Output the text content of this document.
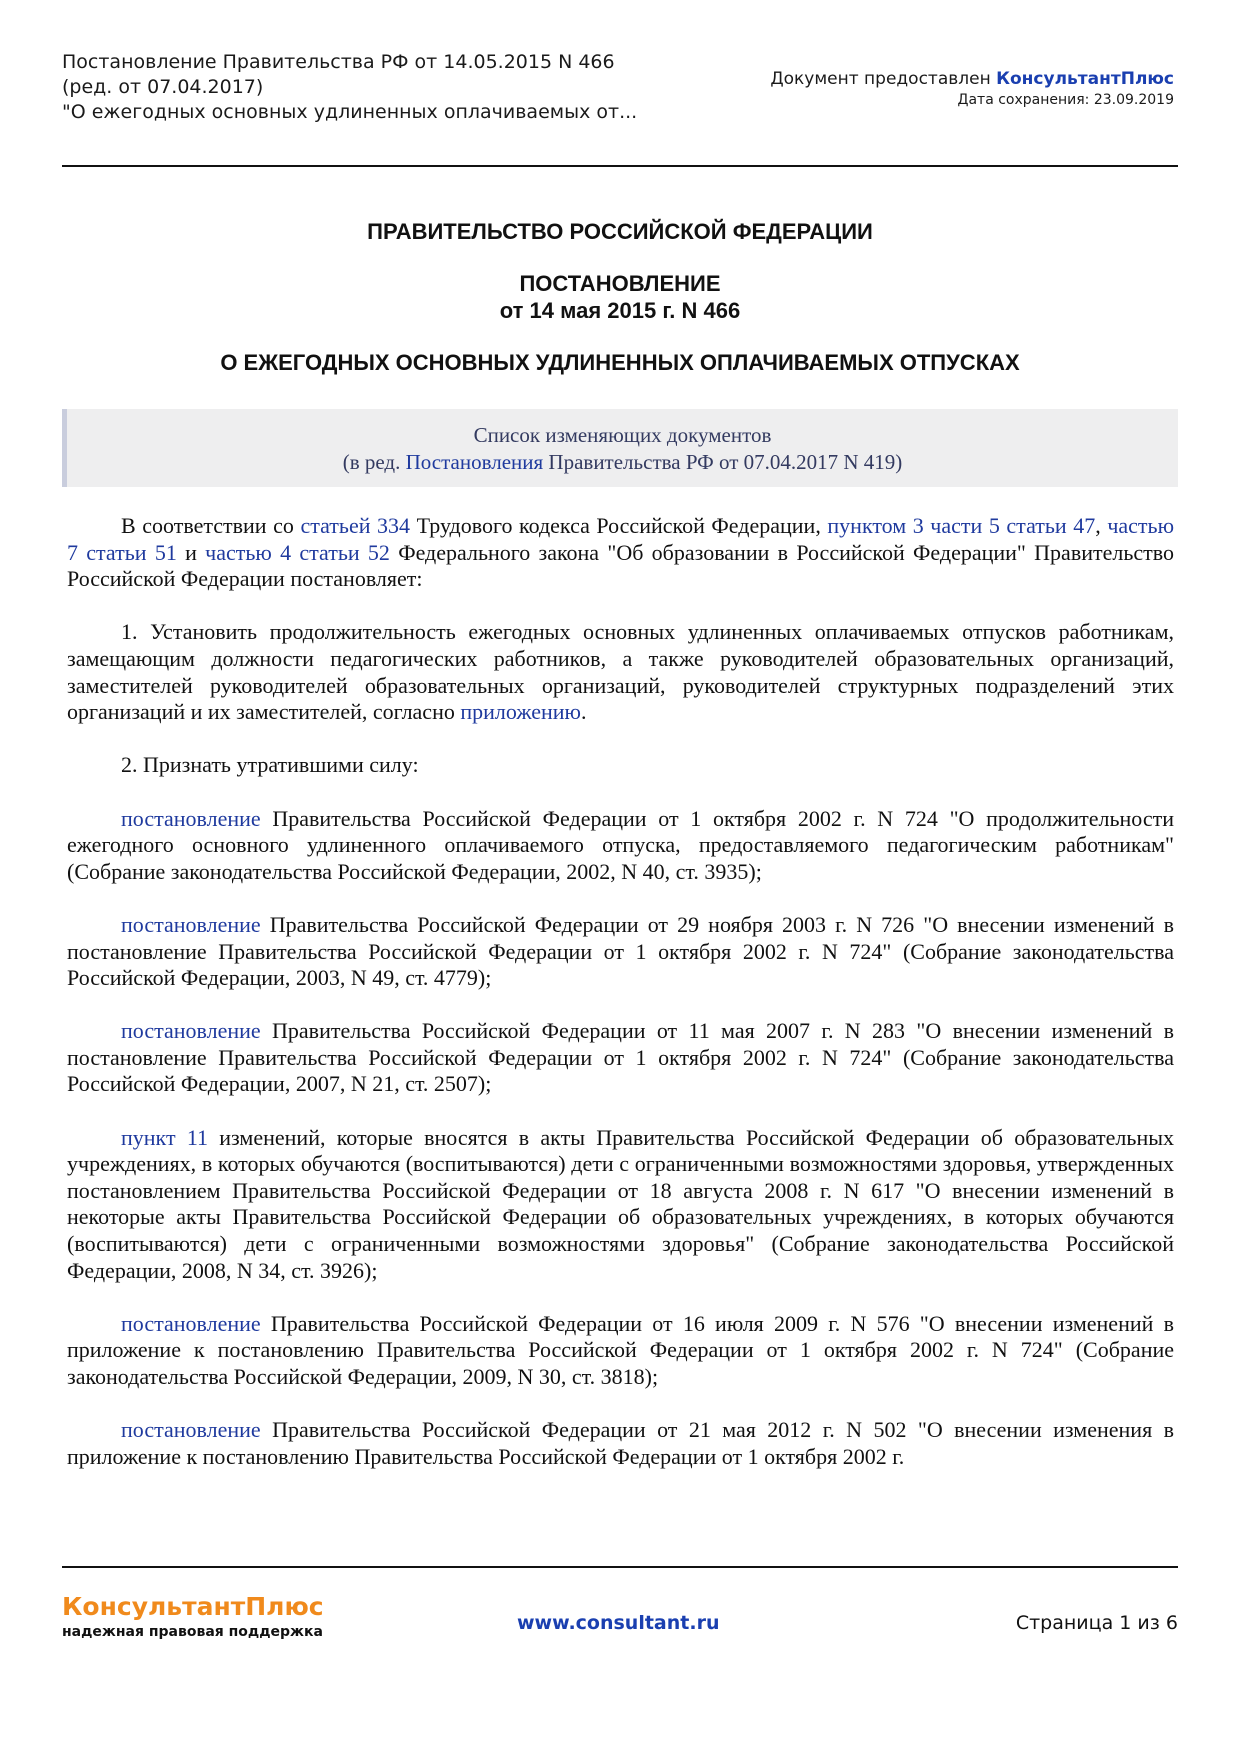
Постановление Правительства РФ от 14.05.2015 N 466
(ред. от 07.04.2017)
"О ежегодных основных удлиненных оплачиваемых от...
Документ предоставлен КонсультантПлюс
Дата сохранения: 23.09.2019
ПРАВИТЕЛЬСТВО РОССИЙСКОЙ ФЕДЕРАЦИИ
ПОСТАНОВЛЕНИЕ
от 14 мая 2015 г. N 466
О ЕЖЕГОДНЫХ ОСНОВНЫХ УДЛИНЕННЫХ ОПЛАЧИВАЕМЫХ ОТПУСКАХ
Список изменяющих документов
(в ред. Постановления Правительства РФ от 07.04.2017 N 419)

В соответствии со статьей 334 Трудового кодекса Российской Федерации, пунктом 3 части 5 статьи 47, частью 7 статьи 51 и частью 4 статьи 52 Федерального закона "Об образовании в Российской Федерации" Правительство Российской Федерации постановляет:

1. Установить продолжительность ежегодных основных удлиненных оплачиваемых отпусков работникам, замещающим должности педагогических работников, а также руководителей образовательных организаций, заместителей руководителей образовательных организаций, руководителей структурных подразделений этих организаций и их заместителей, согласно приложению.

2. Признать утратившими силу:

постановление Правительства Российской Федерации от 1 октября 2002 г. N 724 "О продолжительности ежегодного основного удлиненного оплачиваемого отпуска, предоставляемого педагогическим работникам" (Собрание законодательства Российской Федерации, 2002, N 40, ст. 3935);

постановление Правительства Российской Федерации от 29 ноября 2003 г. N 726 "О внесении изменений в постановление Правительства Российской Федерации от 1 октября 2002 г. N 724" (Собрание законодательства Российской Федерации, 2003, N 49, ст. 4779);

постановление Правительства Российской Федерации от 11 мая 2007 г. N 283 "О внесении изменений в постановление Правительства Российской Федерации от 1 октября 2002 г. N 724" (Собрание законодательства Российской Федерации, 2007, N 21, ст. 2507);

пункт 11 изменений, которые вносятся в акты Правительства Российской Федерации об образовательных учреждениях, в которых обучаются (воспитываются) дети с ограниченными возможностями здоровья, утвержденных постановлением Правительства Российской Федерации от 18 августа 2008 г. N 617 "О внесении изменений в некоторые акты Правительства Российской Федерации об образовательных учреждениях, в которых обучаются (воспитываются) дети с ограниченными возможностями здоровья" (Собрание законодательства Российской Федерации, 2008, N 34, ст. 3926);

постановление Правительства Российской Федерации от 16 июля 2009 г. N 576 "О внесении изменений в приложение к постановлению Правительства Российской Федерации от 1 октября 2002 г. N 724" (Собрание законодательства Российской Федерации, 2009, N 30, ст. 3818);

постановление Правительства Российской Федерации от 21 мая 2012 г. N 502 "О внесении изменения в приложение к постановлению Правительства Российской Федерации от 1 октября 2002 г.

КонсультантПлюс
надежная правовая поддержка	www.consultant.ru	Страница 1 из 6
